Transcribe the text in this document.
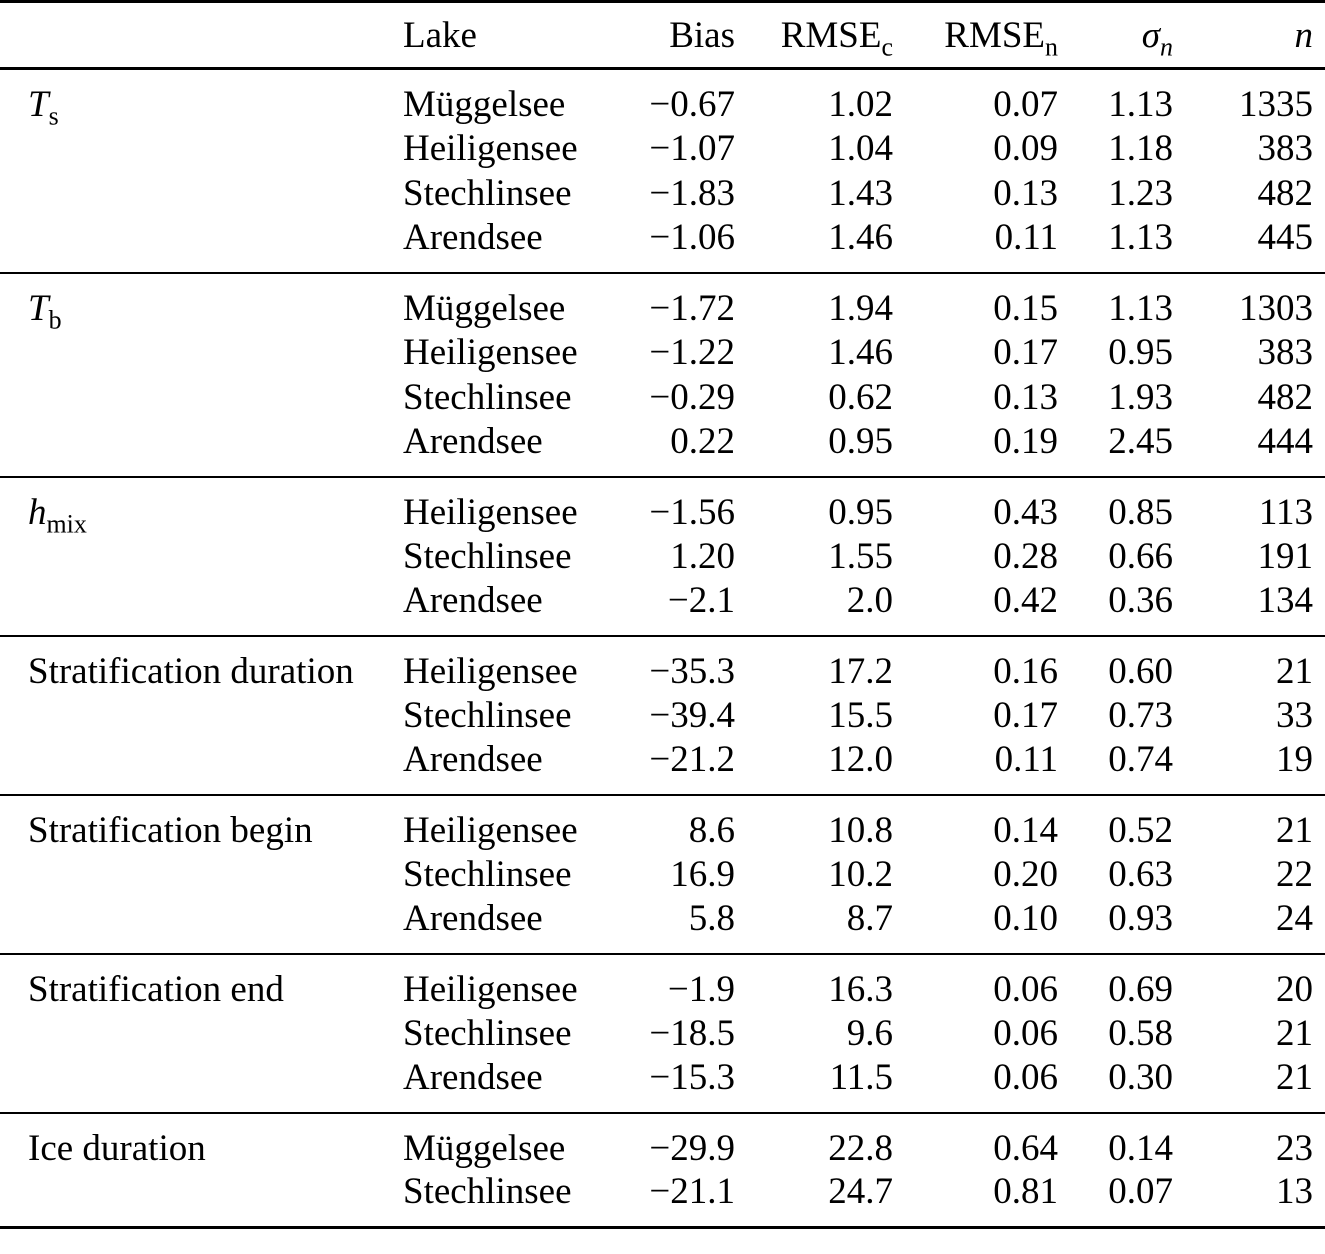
	Lake	Bias	$RMSE_c$	$RMSE_n$	$\sigma_n$	n
$T_s$	Müggelsee	−0.67	1.02	0.07	1.13	1335
	Heiligensee	−1.07	1.04	0.09	1.18	383
	Stechlinsee	−1.83	1.43	0.13	1.23	482
	Arendsee	−1.06	1.46	0.11	1.13	445
$T_b$	Müggelsee	−1.72	1.94	0.15	1.13	1303
	Heiligensee	−1.22	1.46	0.17	0.95	383
	Stechlinsee	−0.29	0.62	0.13	1.93	482
	Arendsee	0.22	0.95	0.19	2.45	444
$h_{mix}$	Heiligensee	−1.56	0.95	0.43	0.85	113
	Stechlinsee	1.20	1.55	0.28	0.66	191
	Arendsee	−2.1	2.0	0.42	0.36	134
Stratification duration	Heiligensee	−35.3	17.2	0.16	0.60	21
	Stechlinsee	−39.4	15.5	0.17	0.73	33
	Arendsee	−21.2	12.0	0.11	0.74	19
Stratification begin	Heiligensee	8.6	10.8	0.14	0.52	21
	Stechlinsee	16.9	10.2	0.20	0.63	22
	Arendsee	5.8	8.7	0.10	0.93	24
Stratification end	Heiligensee	−1.9	16.3	0.06	0.69	20
	Stechlinsee	−18.5	9.6	0.06	0.58	21
	Arendsee	−15.3	11.5	0.06	0.30	21
Ice duration	Müggelsee	−29.9	22.8	0.64	0.14	23
	Stechlinsee	−21.1	24.7	0.81	0.07	13
